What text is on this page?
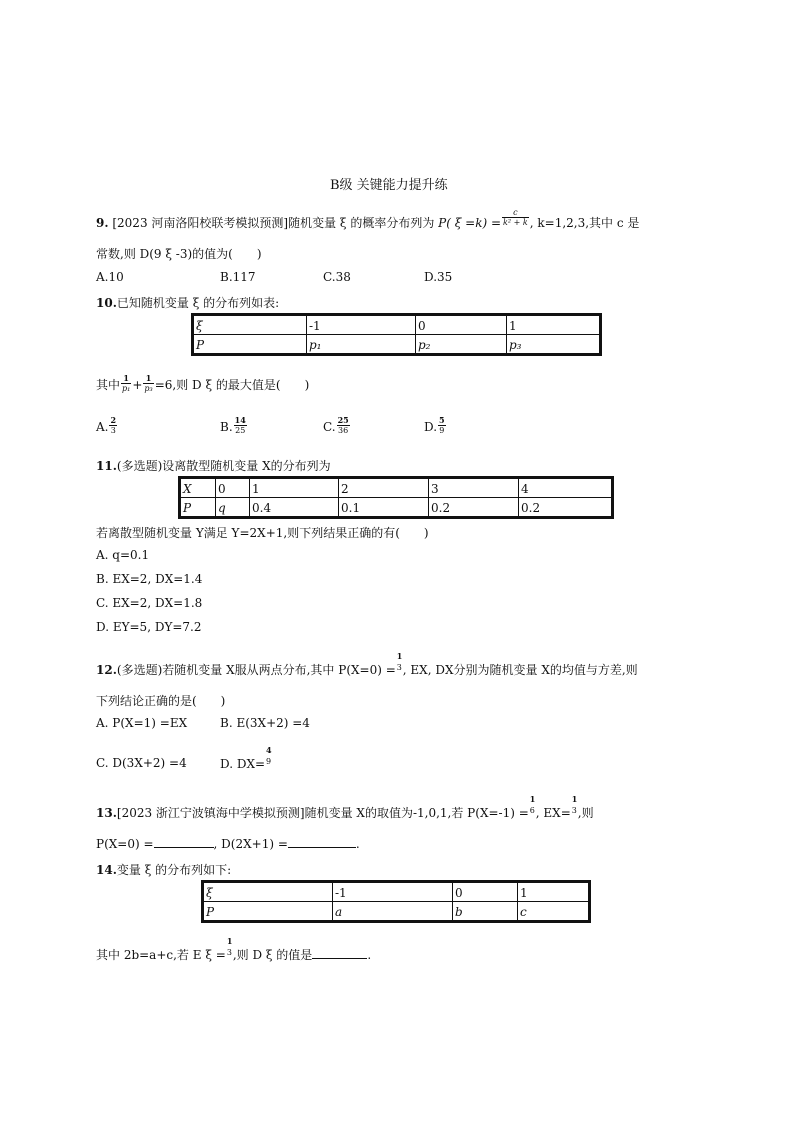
B级 关键能力提升练
9. [2023 河南洛阳校联考模拟预测]随机变量 ξ 的概率分布列为 P( $\xi =k) = \frac{c}{\text{k² + k}}$ , k=1,2,3,其中 c 是
常数,则 D(9 ξ -3)的值为(　　)
A.10	B.117	C.38	D.35
10.已知随机变量 ξ 的分布列如表:
ξ	-1	0	1
P	p₁	p₂	p₃
其中 $\frac{1}{\text{p₁}} + \frac{1}{\text{p₃}} =6$,则 D ξ 的最大值是(　　)
A. $\frac{2}{3}$	B. $\frac{14}{25}$	C. $\frac{25}{36}$	D. $\frac{5}{9}$
11.(多选题)设离散型随机变量 X的分布列为
X	0	1	2	3	4
P	q	0.4	0.1	0.2	0.2
若离散型随机变量 Y满足 Y=2X+1,则下列结果正确的有(　　)
A. q=0.1
B. EX=2, DX=1.4
C. EX=2, DX=1.8
D. EY=5, DY=7.2
12.(多选题)若随机变量 X服从两点分布,其中 P(X=0) =
1
3 , EX, DX分别为随机变量 X的均值与方差,则
下列结论正确的是(　　)
A. P(X=1) =EX	B. E(3X+2) =4
C. D(3X+2) =4	D. DX=
4
9
13.[2023 浙江宁波镇海中学模拟预测]随机变量 X的取值为-1,0,1,若 P(X=-1) =
1
6 , EX=
1
3 ,则
P(X=0) =	, D(2X+1) =	.
14.变量 ξ 的分布列如下:
ξ	-1	0	1
P	a	b	c
其中 2b=a+c,若 E ξ =
1
3 ,则 D ξ 的值是	.
